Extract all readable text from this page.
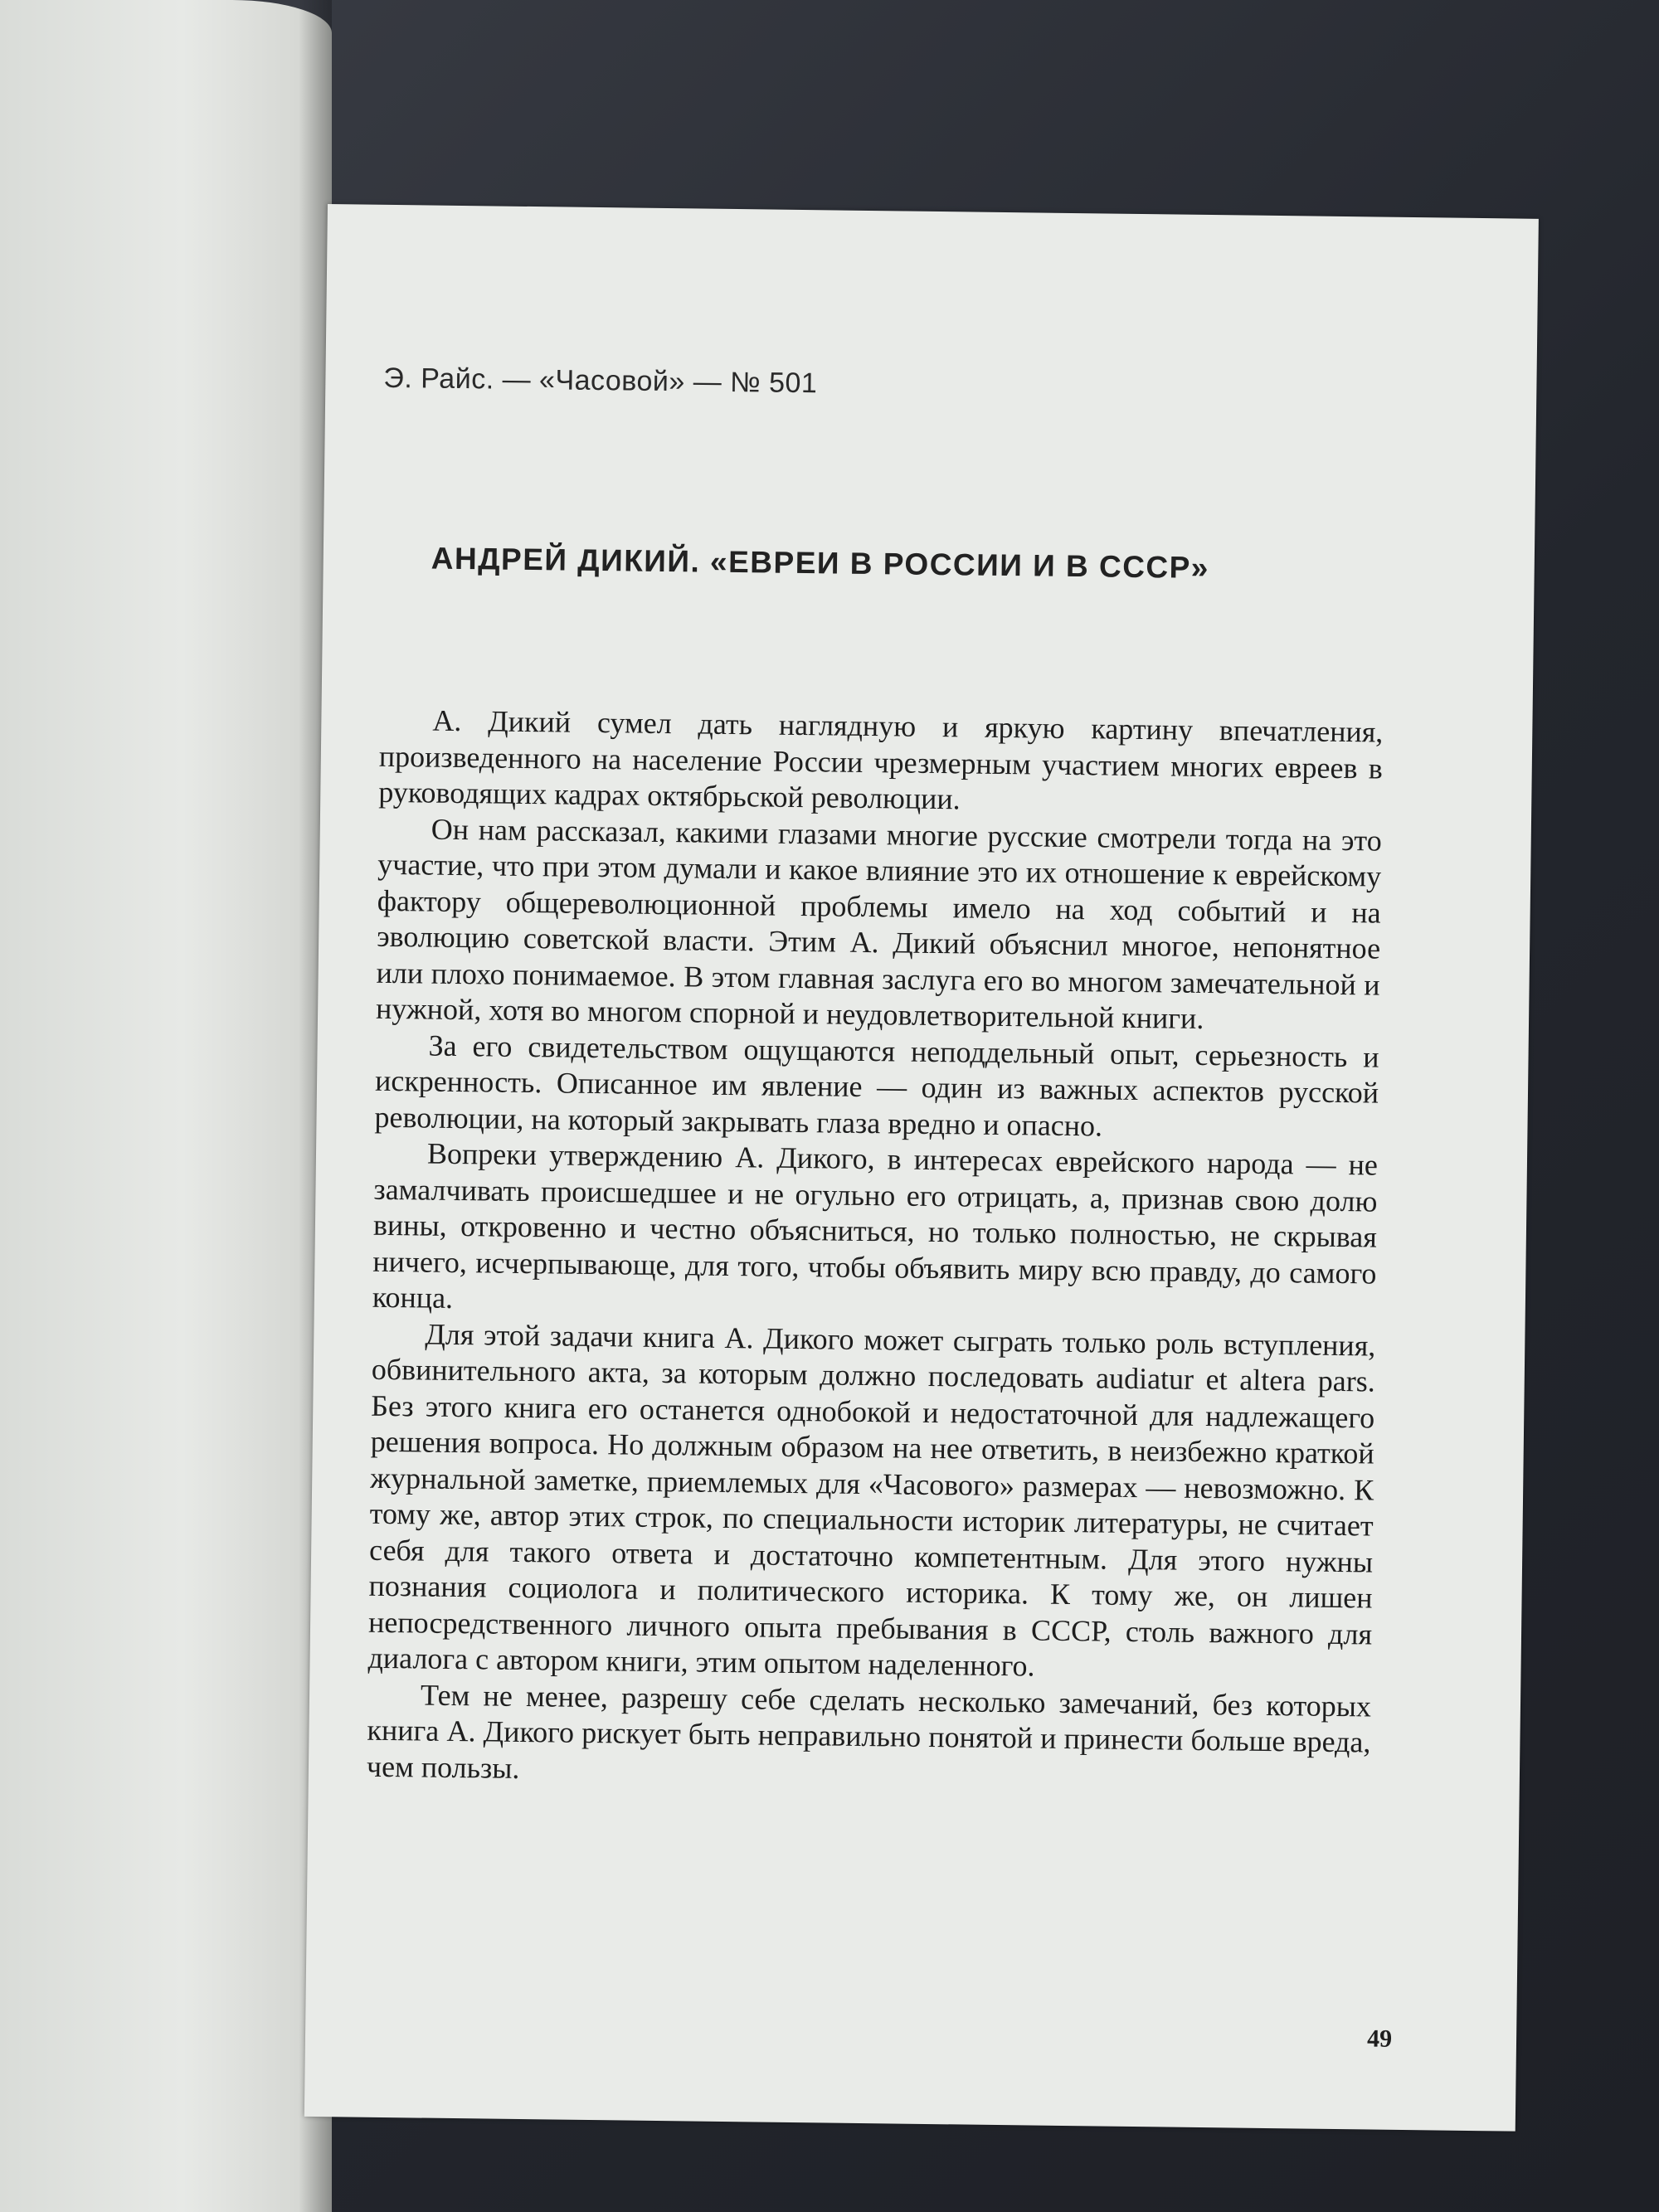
Э. Райс. — «Часовой» — № 501
АНДРЕЙ ДИКИЙ. «ЕВРЕИ В РОССИИ И В СССР»

А. Дикий сумел дать наглядную и яркую картину впечатления, произведенного на население России чрезмерным участием многих евреев в руководящих кадрах октябрьской революции.

Он нам рассказал, какими глазами многие русские смотрели тогда на это участие, что при этом думали и какое влияние это их отношение к еврейскому фактору общереволюционной проблемы имело на ход событий и на эволюцию советской власти. Этим А. Дикий объяснил многое, непонятное или плохо понимаемое. В этом главная заслуга его во многом замечательной и нужной, хотя во многом спорной и неудовлетворительной книги.

За его свидетельством ощущаются неподдельный опыт, серьезность и искренность. Описанное им явление — один из важных аспектов русской революции, на который закрывать глаза вредно и опасно.

Вопреки утверждению А. Дикого, в интересах еврейского народа — не замалчивать происшедшее и не огульно его отрицать, а, признав свою долю вины, откровенно и честно объясниться, но только полностью, не скрывая ничего, исчерпывающе, для того, чтобы объявить миру всю правду, до самого конца.

Для этой задачи книга А. Дикого может сыграть только роль вступления, обвинительного акта, за которым должно последовать audiatur et altera pars. Без этого книга его останется однобокой и недостаточной для надлежащего решения вопроса. Но должным образом на нее ответить, в неизбежно краткой журнальной заметке, приемлемых для «Часового» размерах — невозможно. К тому же, автор этих строк, по специальности историк литературы, не считает себя для такого ответа и достаточно компетентным. Для этого нужны познания социолога и политического историка. К тому же, он лишен непосредственного личного опыта пребывания в СССР, столь важного для диалога с автором книги, этим опытом наделенного.

Тем не менее, разрешу себе сделать несколько замечаний, без которых книга А. Дикого рискует быть неправильно понятой и принести больше вреда, чем пользы.

49
